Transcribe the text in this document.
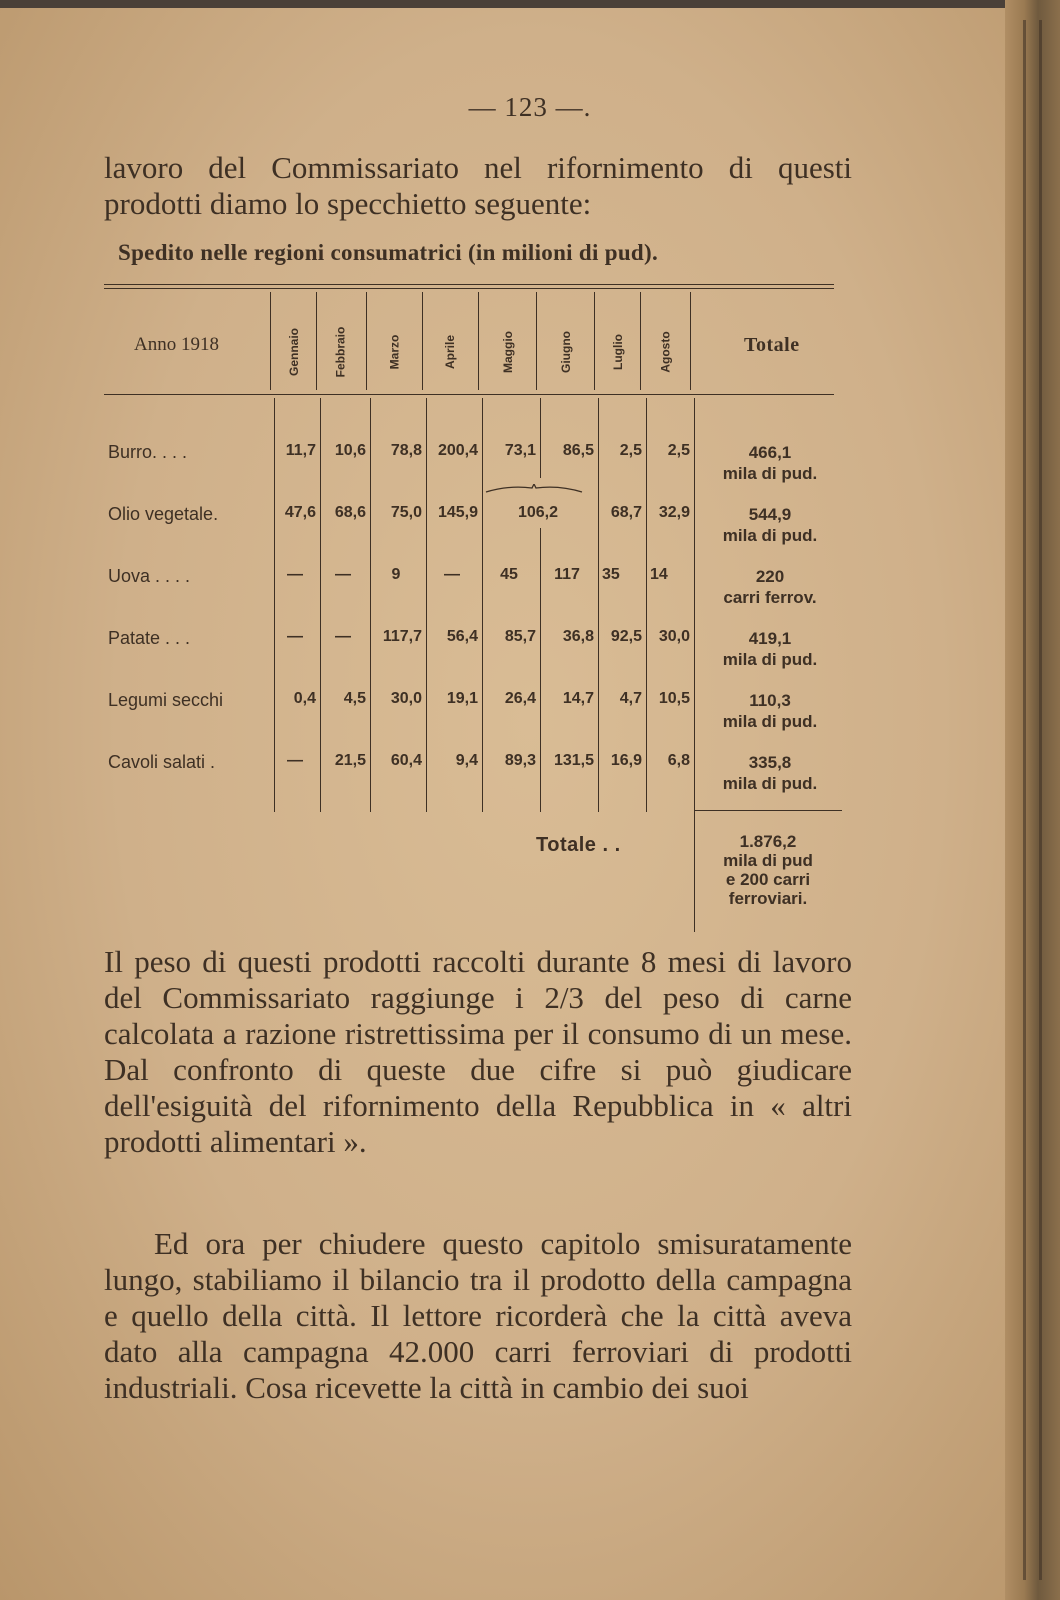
— 123 —.
lavoro del Commissariato nel rifornimento di questi prodotti diamo lo specchietto seguente:
Spedito nelle regioni consumatrici (in milioni di pud).
Anno 1918	Totale
Gennaio	Febbraio	Marzo	Aprile	Maggio	Giugno	Luglio	Agosto
Burro. . . .	11,7	10,6	78,8 200,4	73,1	86,5	2,5	2,5	466,1
mila di pud.
Olio vegetale.	47,6	68,6	75,0 145,9	106,2	68,7	32,9	544,9
mila di pud.
Uova . . . .	—	—	9	—	45	117	35	14	220
carri ferrov.
Patate . . .	—	—	117,7	56,4	85,7	36,8	92,5	30,0	419,1
mila di pud.
Legumi secchi	0,4	4,5	30,0	19,1	26,4	14,7	4,7	10,5	110,3
mila di pud.
Cavoli salati .	—	21,5	60,4	9,4	89,3	131,5	16,9	6,8	335,8
mila di pud.
Totale . .	1.876,2
mila di pud
e 200 carri
ferroviari.
Il peso di questi prodotti raccolti durante 8 mesi di lavoro del Commissariato raggiunge i 2/3 del peso di carne calcolata a razione ristrettissima per il consumo di un mese. Dal confronto di queste due cifre si può giudicare dell'esiguità del rifornimento della Repubblica in « altri prodotti alimentari ».
Ed ora per chiudere questo capitolo smisuratamente lungo, stabiliamo il bilancio tra il prodotto della campagna e quello della città. Il lettore ricorderà che la città aveva dato alla campagna 42.000 carri ferroviari di prodotti industriali. Cosa ricevette la città in cambio dei suoi
